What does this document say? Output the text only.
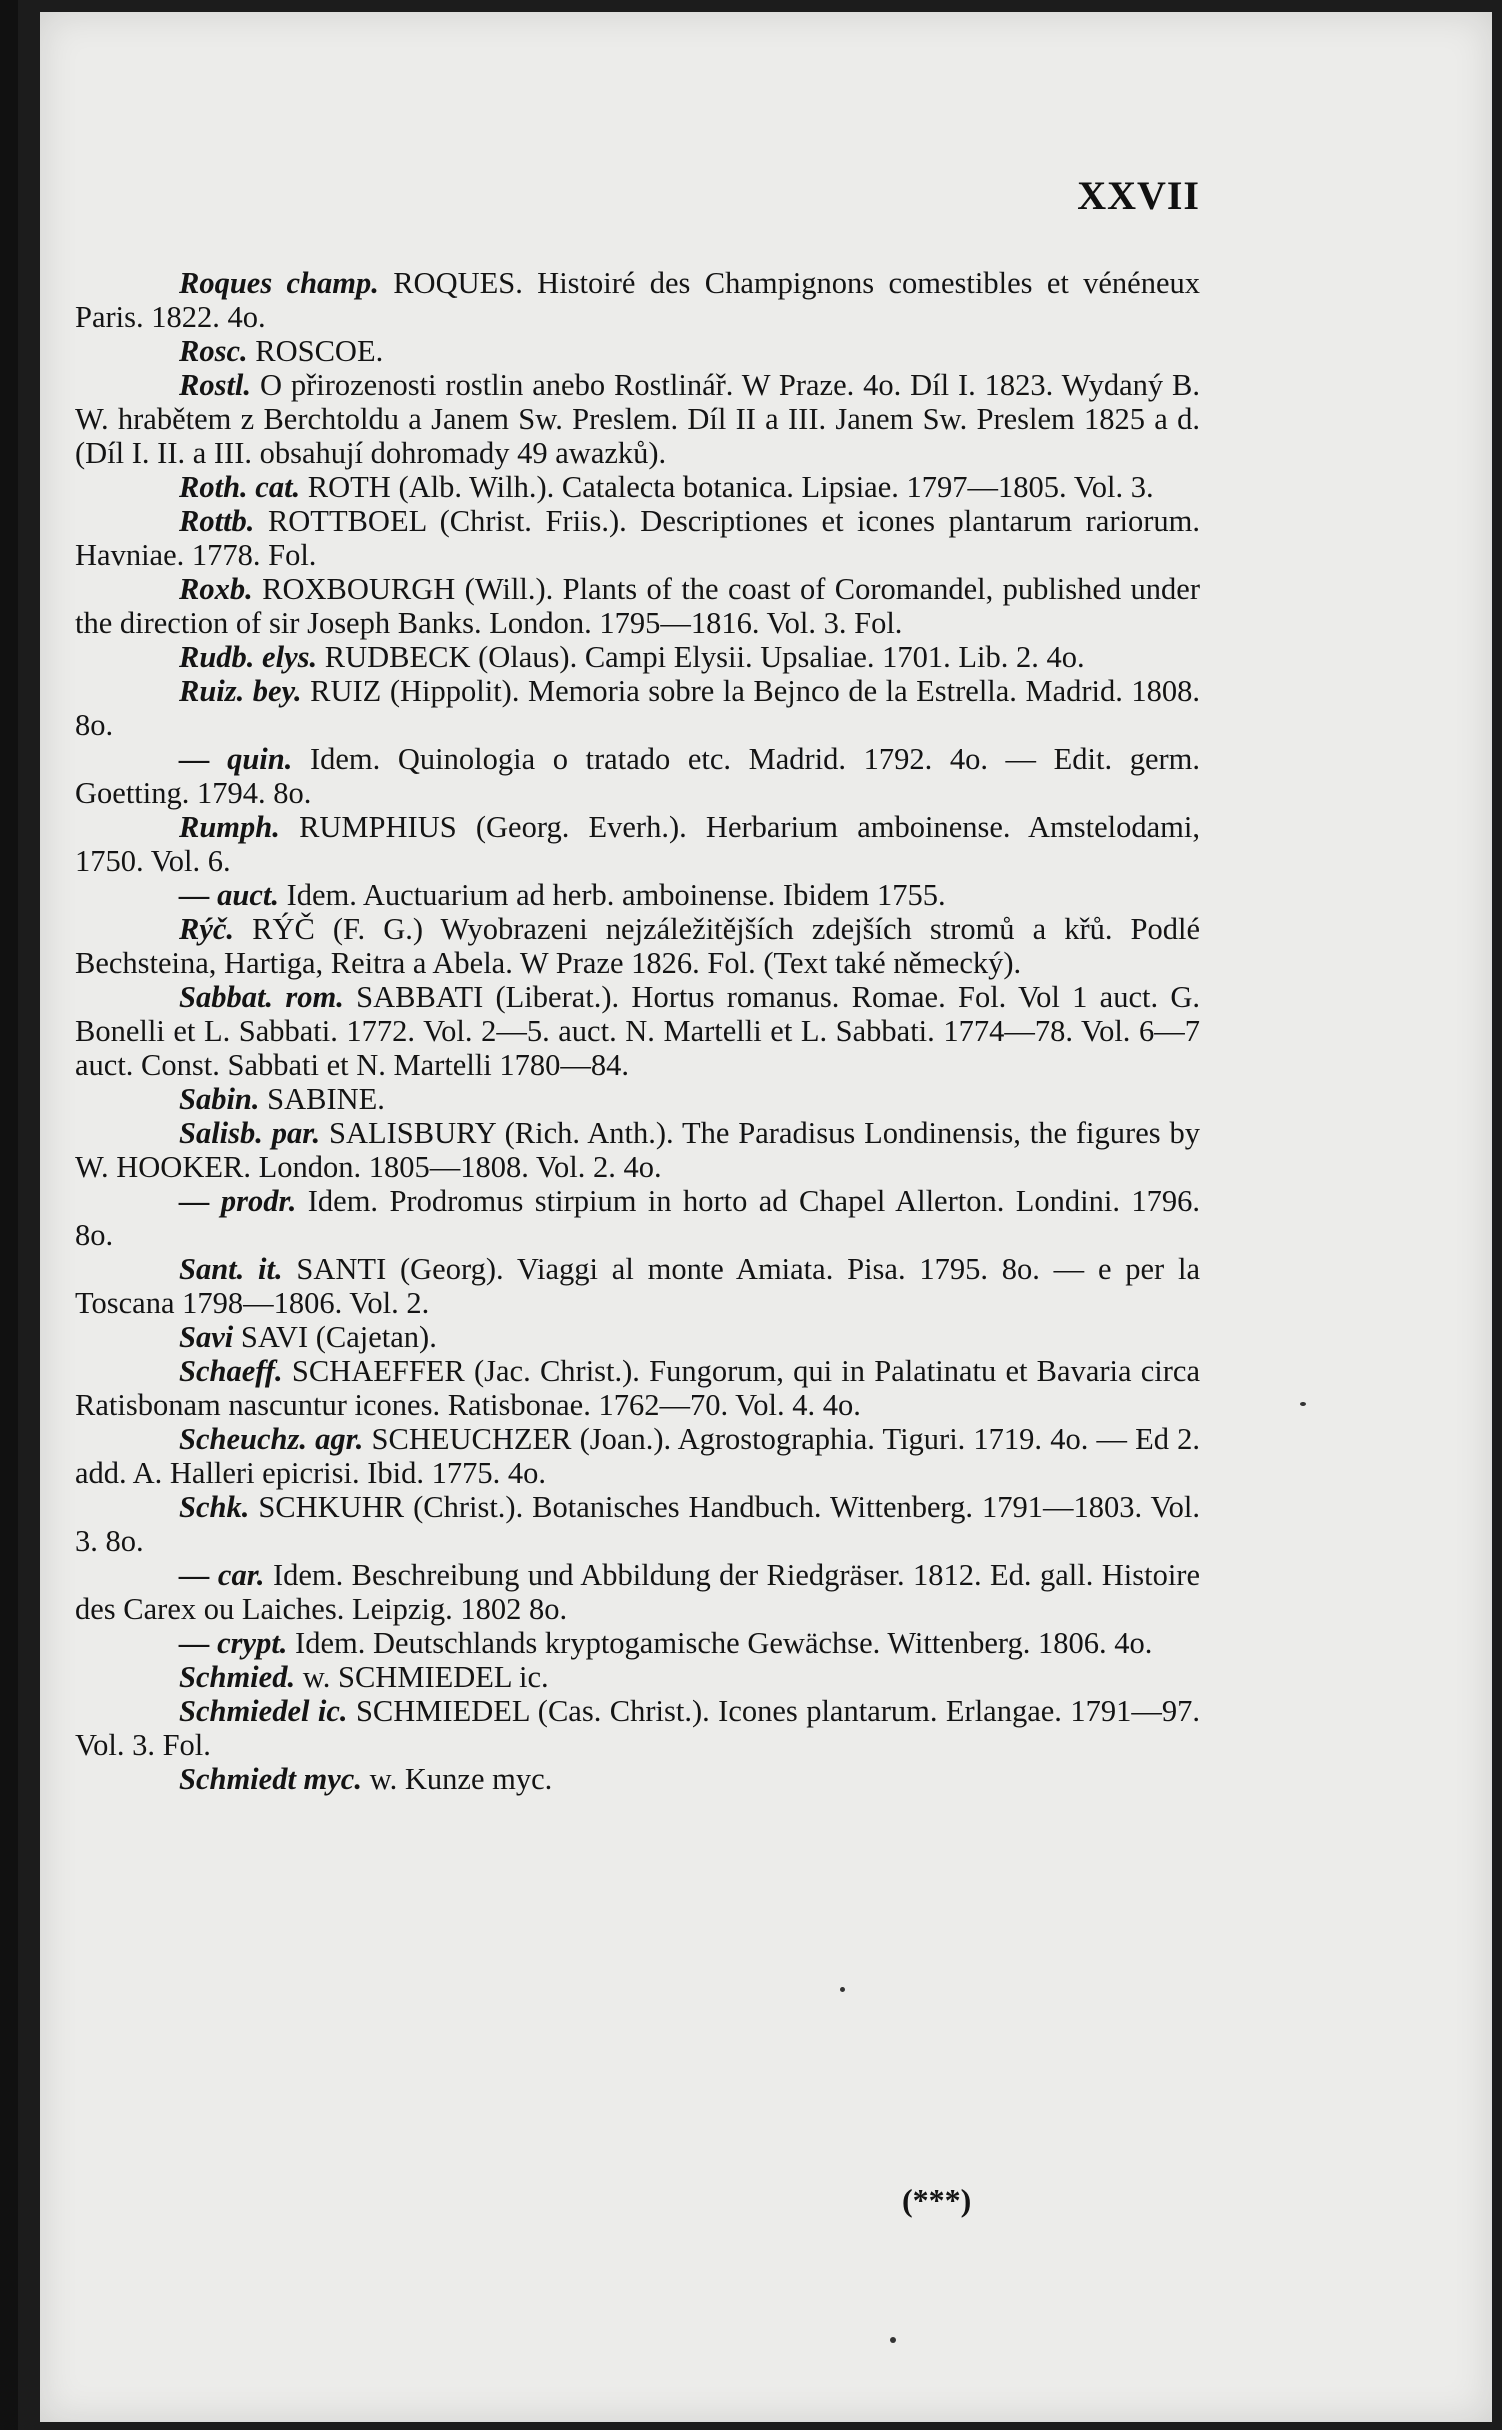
XXVII

Roques champ. ROQUES. Histoiré des Champignons comestibles et vénéneux Paris. 1822. 4o.

Rosc. ROSCOE.

Rostl. O přirozenosti rostlin anebo Rostlinář. W Praze. 4o. Díl I. 1823. Wydaný B. W. hrabětem z Berchtoldu a Janem Sw. Preslem. Díl II a III. Janem Sw. Preslem 1825 a d. (Díl I. II. a III. obsahují dohromady 49 awazků).

Roth. cat. ROTH (Alb. Wilh.). Catalecta botanica. Lipsiae. 1797—1805. Vol. 3.

Rottb. ROTTBOEL (Christ. Friis.). Descriptiones et icones plantarum rariorum. Havniae. 1778. Fol.

Roxb. ROXBOURGH (Will.). Plants of the coast of Coromandel, published under the direction of sir Joseph Banks. London. 1795—1816. Vol. 3. Fol.

Rudb. elys. RUDBECK (Olaus). Campi Elysii. Upsaliae. 1701. Lib. 2. 4o.

Ruiz. bey. RUIZ (Hippolit). Memoria sobre la Bejnco de la Estrella. Madrid. 1808. 8o.

— quin. Idem. Quinologia o tratado etc. Madrid. 1792. 4o. — Edit. germ. Goetting. 1794. 8o.

Rumph. RUMPHIUS (Georg. Everh.). Herbarium amboinense. Amstelodami, 1750. Vol. 6.

— auct. Idem. Auctuarium ad herb. amboinense. Ibidem 1755.

Rýč. RÝČ (F. G.) Wyobrazeni nejzáležitějších zdejších stromů a křů. Podlé Bechsteina, Hartiga, Reitra a Abela. W Praze 1826. Fol. (Text také německý).

Sabbat. rom. SABBATI (Liberat.). Hortus romanus. Romae. Fol. Vol 1 auct. G. Bonelli et L. Sabbati. 1772. Vol. 2—5. auct. N. Martelli et L. Sabbati. 1774—78. Vol. 6—7 auct. Const. Sabbati et N. Martelli 1780—84.

Sabin. SABINE.

Salisb. par. SALISBURY (Rich. Anth.). The Paradisus Londinensis, the figures by W. HOOKER. London. 1805—1808. Vol. 2. 4o.

— prodr. Idem. Prodromus stirpium in horto ad Chapel Allerton. Londini. 1796. 8o.

Sant. it. SANTI (Georg). Viaggi al monte Amiata. Pisa. 1795. 8o. — e per la Toscana 1798—1806. Vol. 2.

Savi SAVI (Cajetan).

Schaeff. SCHAEFFER (Jac. Christ.). Fungorum, qui in Palatinatu et Bavaria circa Ratisbonam nascuntur icones. Ratisbonae. 1762—70. Vol. 4. 4o.

Scheuchz. agr. SCHEUCHZER (Joan.). Agrostographia. Tiguri. 1719. 4o. — Ed 2. add. A. Halleri epicrisi. Ibid. 1775. 4o.

Schk. SCHKUHR (Christ.). Botanisches Handbuch. Wittenberg. 1791—1803. Vol. 3. 8o.

— car. Idem. Beschreibung und Abbildung der Riedgräser. 1812. Ed. gall. Histoire des Carex ou Laiches. Leipzig. 1802 8o.

— crypt. Idem. Deutschlands kryptogamische Gewächse. Wittenberg. 1806. 4o.

Schmied. w. SCHMIEDEL ic.

Schmiedel ic. SCHMIEDEL (Cas. Christ.). Icones plantarum. Erlangae. 1791—97. Vol. 3. Fol.

Schmiedt myc. w. Kunze myc.

(***)
